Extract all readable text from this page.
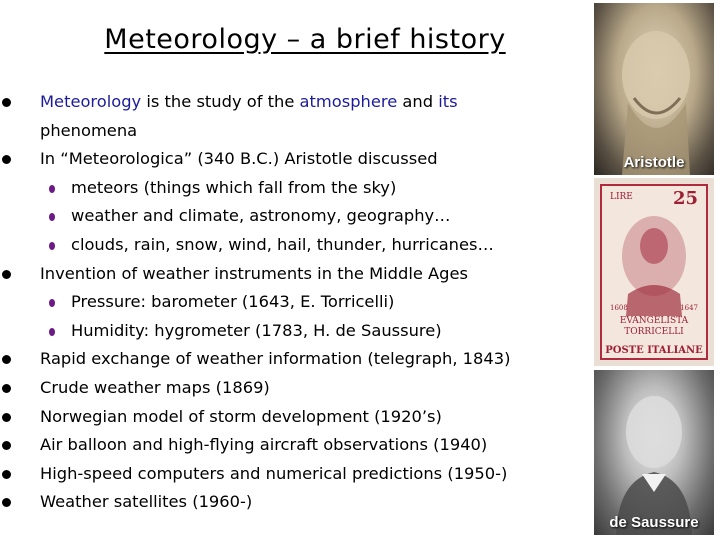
Meteorology – a brief history
Meteorology is the study of the atmosphere and its
phenomena
In “Meteorologica” (340 B.C.) Aristotle discussed
meteors (things which fall from the sky)
weather and climate, astronomy, geography…
clouds, rain, snow, wind, hail, thunder, hurricanes…
Invention of weather instruments in the Middle Ages
Pressure: barometer (1643, E. Torricelli)
Humidity: hygrometer (1783, H. de Saussure)
Rapid exchange of weather information (telegraph, 1843)
Crude weather maps (1869)
Norwegian model of storm development (1920’s)
Air balloon and high-flying aircraft observations (1940)
High-speed computers and numerical predictions (1950-)
Weather satellites (1960-)
Aristotle
LIRE 25
1608	1647
EVANGELISTA
TORRICELLI
POSTE ITALIANE
de Saussure
